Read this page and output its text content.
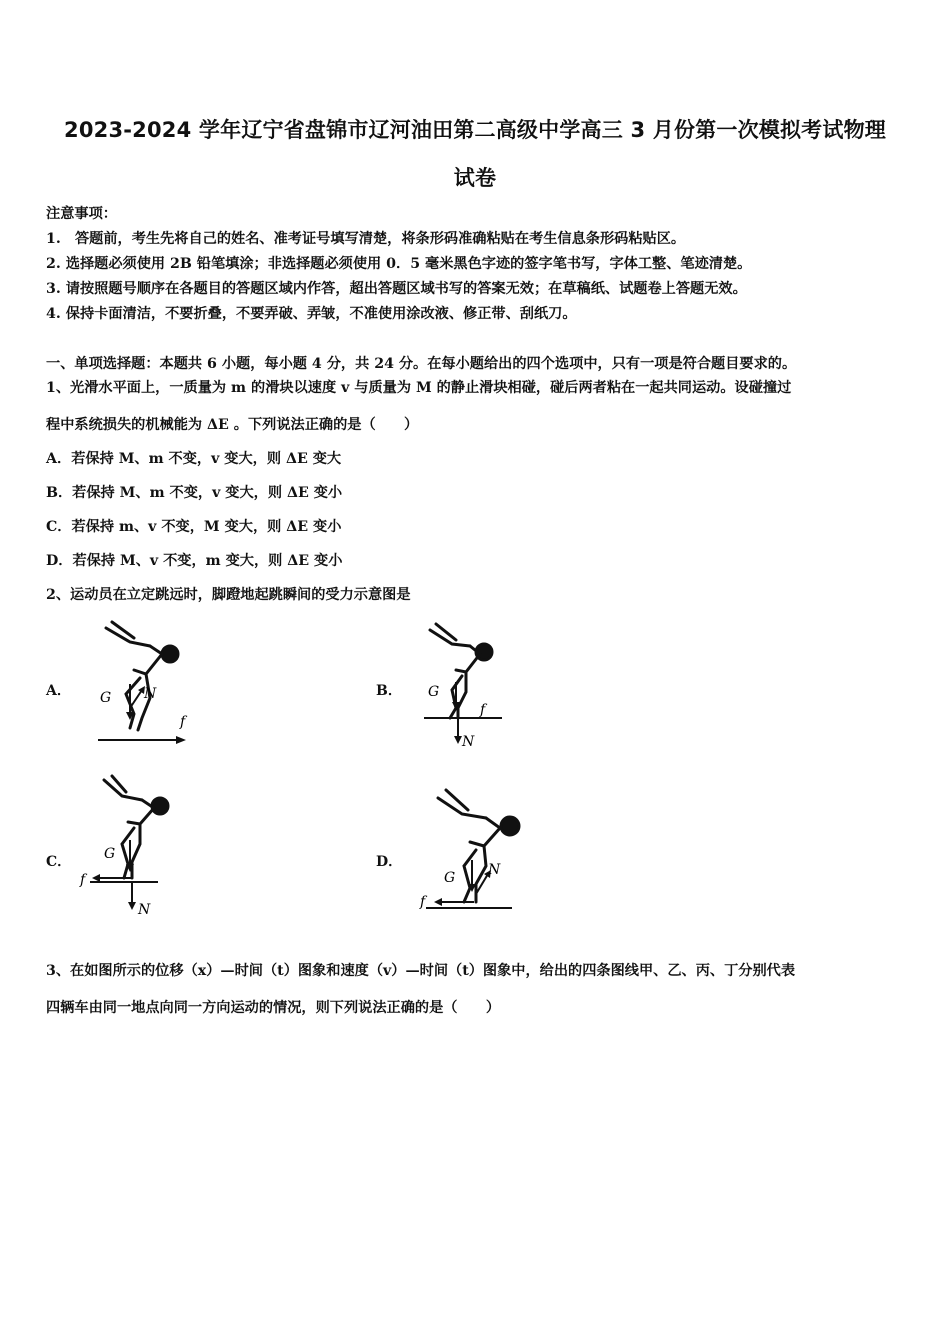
2023-2024 学年辽宁省盘锦市辽河油田第二高级中学高三 3 月份第一次模拟考试物理
试卷
注意事项：
1.　答题前，考生先将自己的姓名、准考证号填写清楚，将条形码准确粘贴在考生信息条形码粘贴区。
2. 选择题必须使用 2B 铅笔填涂；非选择题必须使用 0．5 毫米黑色字迹的签字笔书写，字体工整、笔迹清楚。
3. 请按照题号顺序在各题目的答题区域内作答，超出答题区域书写的答案无效；在草稿纸、试题卷上答题无效。
4. 保持卡面清洁，不要折叠，不要弄破、弄皱，不准使用涂改液、修正带、刮纸刀。
一、单项选择题：本题共 6 小题，每小题 4 分，共 24 分。在每小题给出的四个选项中，只有一项是符合题目要求的。
1、光滑水平面上，一质量为 m 的滑块以速度 v 与质量为 M 的静止滑块相碰，碰后两者粘在一起共同运动。设碰撞过
程中系统损失的机械能为 ΔE 。下列说法正确的是（　　）
A．若保持 M、m 不变，v 变大，则 ΔE 变大
B．若保持 M、m 不变，v 变大，则 ΔE 变小
C．若保持 m、v 不变，M 变大，则 ΔE 变小
D．若保持 M、v 不变，m 变大，则 ΔE 变小
2、运动员在立定跳远时，脚蹬地起跳瞬间的受力示意图是
A．	B．
C．	D．
G N
f
G
N
f
G
N
f	G N
f
3、在如图所示的位移（x）—时间（t）图象和速度（v）—时间（t）图象中，给出的四条图线甲、乙、丙、丁分别代表
四辆车由同一地点向同一方向运动的情况，则下列说法正确的是（　　）
